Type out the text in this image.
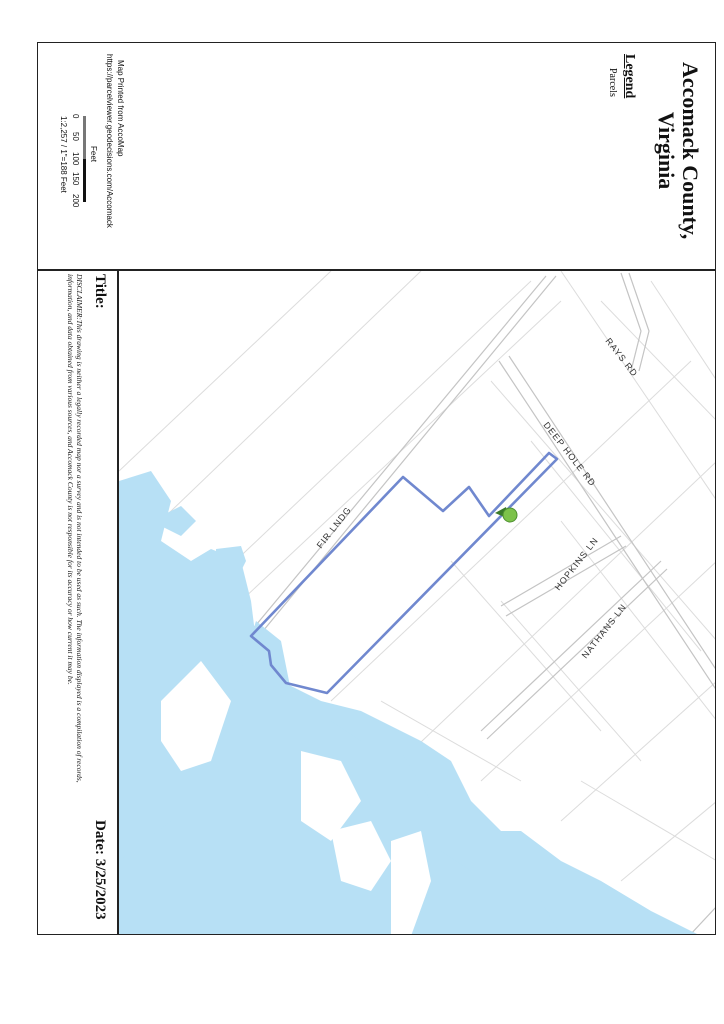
Accomack County,
Virginia
Legend
Parcels
Map Printed from AccoMap
https://parcelviewer.geodecisions.com/Accomack
Feet
0
50
100
150
200
1:2,257 / 1"=188 Feet
Title:
Date: 3/25/2023
DISCLAIMER:This drawing is neither a legally recorded map nor a survey and is not intended to be used as such. The information displayed is a compilation of records, information, and data obtained from various sources, and Accomack County is not responsible for its accuracy or how current it may be.	RAYS RD
DEEP HOLE RD
FIR LNDG
HOPKINS LN
NATHANS LN
